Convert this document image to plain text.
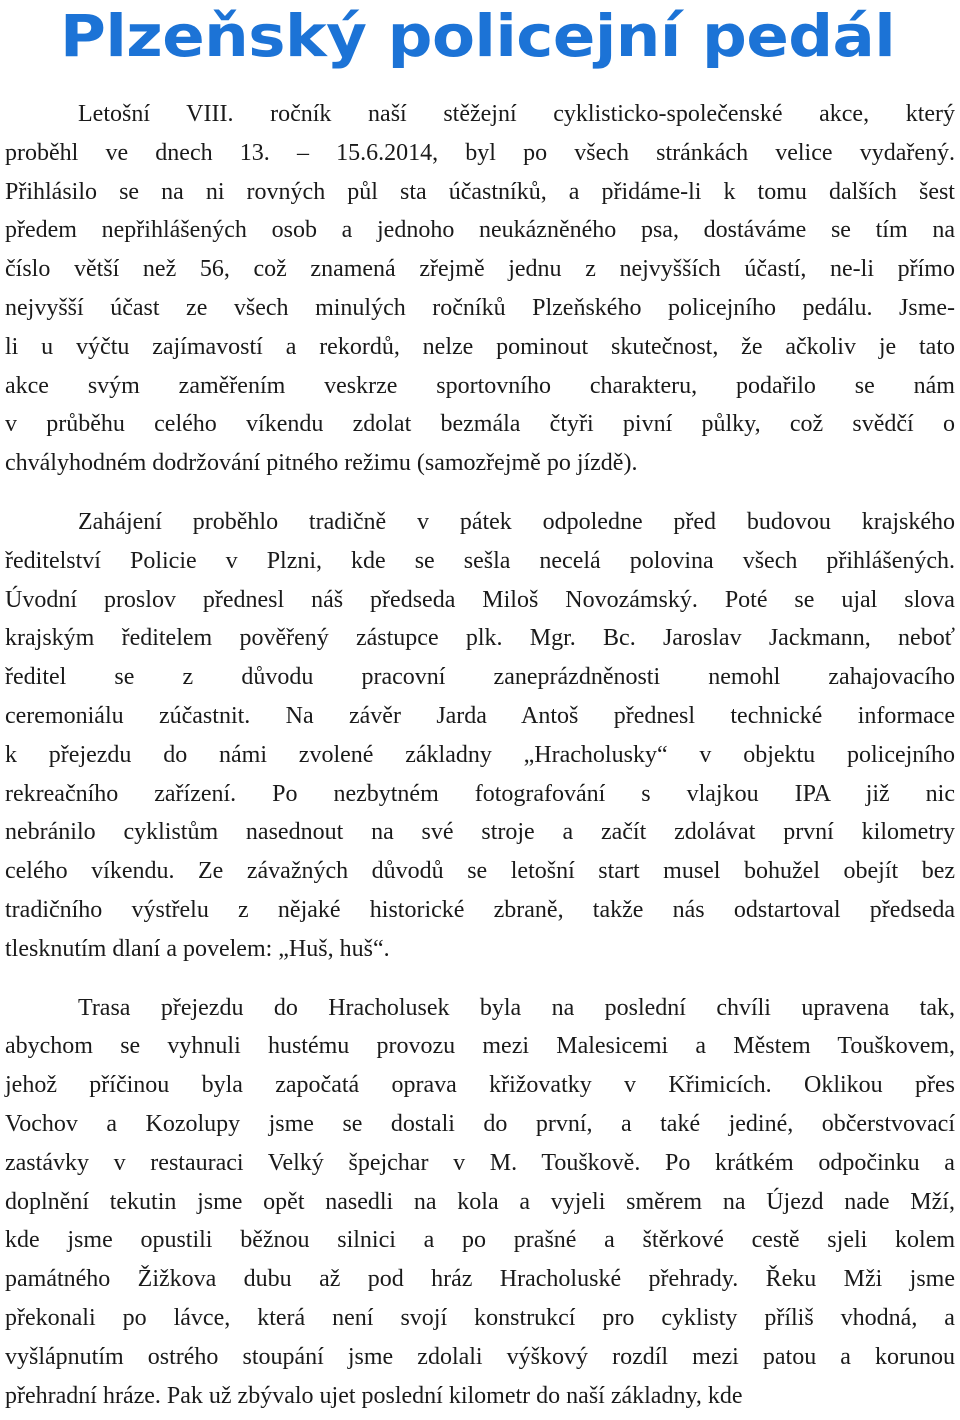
Plzeňský policejní pedál

Letošní VIII. ročník naší stěžejní cyklisticko-společenské akce, který
proběhl ve dnech 13. – 15.6.2014, byl po všech stránkách velice vydařený.
Přihlásilo se na ni rovných půl sta účastníků, a přidáme-li k tomu dalších šest
předem nepřihlášených osob a jednoho neukázněného psa, dostáváme se tím na
číslo větší než 56, což znamená zřejmě jednu z nejvyšších účastí, ne-li přímo
nejvyšší účast ze všech minulých ročníků Plzeňského policejního pedálu. Jsme-
li u výčtu zajímavostí a rekordů, nelze pominout skutečnost, že ačkoliv je tato
akce svým zaměřením veskrze sportovního charakteru, podařilo se nám
v průběhu celého víkendu zdolat bezmála čtyři pivní půlky, což svědčí o
chvályhodném dodržování pitného režimu (samozřejmě po jízdě).

Zahájení proběhlo tradičně v pátek odpoledne před budovou krajského
ředitelství Policie v Plzni, kde se sešla necelá polovina všech přihlášených.
Úvodní proslov přednesl náš předseda Miloš Novozámský. Poté se ujal slova
krajským ředitelem pověřený zástupce plk. Mgr. Bc. Jaroslav Jackmann, neboť
ředitel se z důvodu pracovní zaneprázdněnosti nemohl zahajovacího
ceremoniálu zúčastnit. Na závěr Jarda Antoš přednesl technické informace
k přejezdu do námi zvolené základny „Hracholusky“ v objektu policejního
rekreačního zařízení. Po nezbytném fotografování s vlajkou IPA již nic
nebránilo cyklistům nasednout na své stroje a začít zdolávat první kilometry
celého víkendu. Ze závažných důvodů se letošní start musel bohužel obejít bez
tradičního výstřelu z nějaké historické zbraně, takže nás odstartoval předseda
tlesknutím dlaní a povelem: „Huš, huš“.

Trasa přejezdu do Hracholusek byla na poslední chvíli upravena tak,
abychom se vyhnuli hustému provozu mezi Malesicemi a Městem Touškovem,
jehož příčinou byla započatá oprava křižovatky v Křimicích. Oklikou přes
Vochov a Kozolupy jsme se dostali do první, a také jediné, občerstvovací
zastávky v restauraci Velký špejchar v M. Touškově. Po krátkém odpočinku a
doplnění tekutin jsme opět nasedli na kola a vyjeli směrem na Újezd nade Mží,
kde jsme opustili běžnou silnici a po prašné a štěrkové cestě sjeli kolem
památného Žižkova dubu až pod hráz Hracholuské přehrady. Řeku Mži jsme
překonali po lávce, která není svojí konstrukcí pro cyklisty příliš vhodná, a
vyšlápnutím ostrého stoupání jsme zdolali výškový rozdíl mezi patou a korunou
přehradní hráze. Pak už zbývalo ujet poslední kilometr do naší základny, kde
